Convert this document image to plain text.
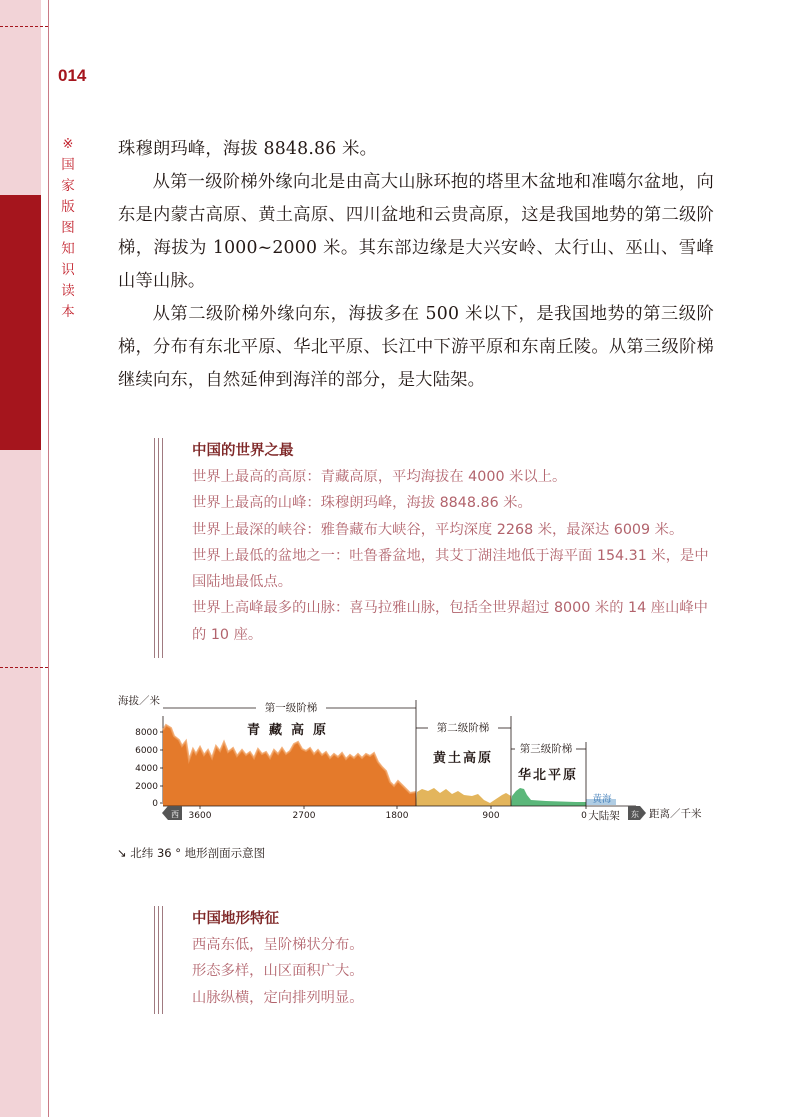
014
※
国家版图知识读本

珠穆朗玛峰，海拔 8848.86 米。

从第一级阶梯外缘向北是由高大山脉环抱的塔里木盆地和准噶尔盆地，向东是内蒙古高原、黄土高原、四川盆地和云贵高原，这是我国地势的第二级阶梯，海拔为 1000~2000 米。其东部边缘是大兴安岭、太行山、巫山、雪峰山等山脉。

从第二级阶梯外缘向东，海拔多在 500 米以下，是我国地势的第三级阶梯，分布有东北平原、华北平原、长江中下游平原和东南丘陵。从第三级阶梯继续向东，自然延伸到海洋的部分，是大陆架。

中国的世界之最
世界上最高的高原：青藏高原，平均海拔在 4000 米以上。
世界上最高的山峰：珠穆朗玛峰，海拔 8848.86 米。
世界上最深的峡谷：雅鲁藏布大峡谷，平均深度 2268 米，最深达 6009 米。
世界上最低的盆地之一：吐鲁番盆地，其艾丁湖洼地低于海平面 154.31 米，是中国陆地最低点。
世界上高峰最多的山脉：喜马拉雅山脉，包括全世界超过 8000 米的 14 座山峰中的 10 座。
海拔／米
8000
6000
4000
2000
0
第一级阶梯
青藏高原	第二级阶梯
黄土高原
第三级阶梯
华北平原
3600	2700	1800	900	0
西	东
黄海
大陆架	距离／千米
↘ 北纬 36 ° 地形剖面示意图
中国地形特征
西高东低，呈阶梯状分布。
形态多样，山区面积广大。
山脉纵横，定向排列明显。
